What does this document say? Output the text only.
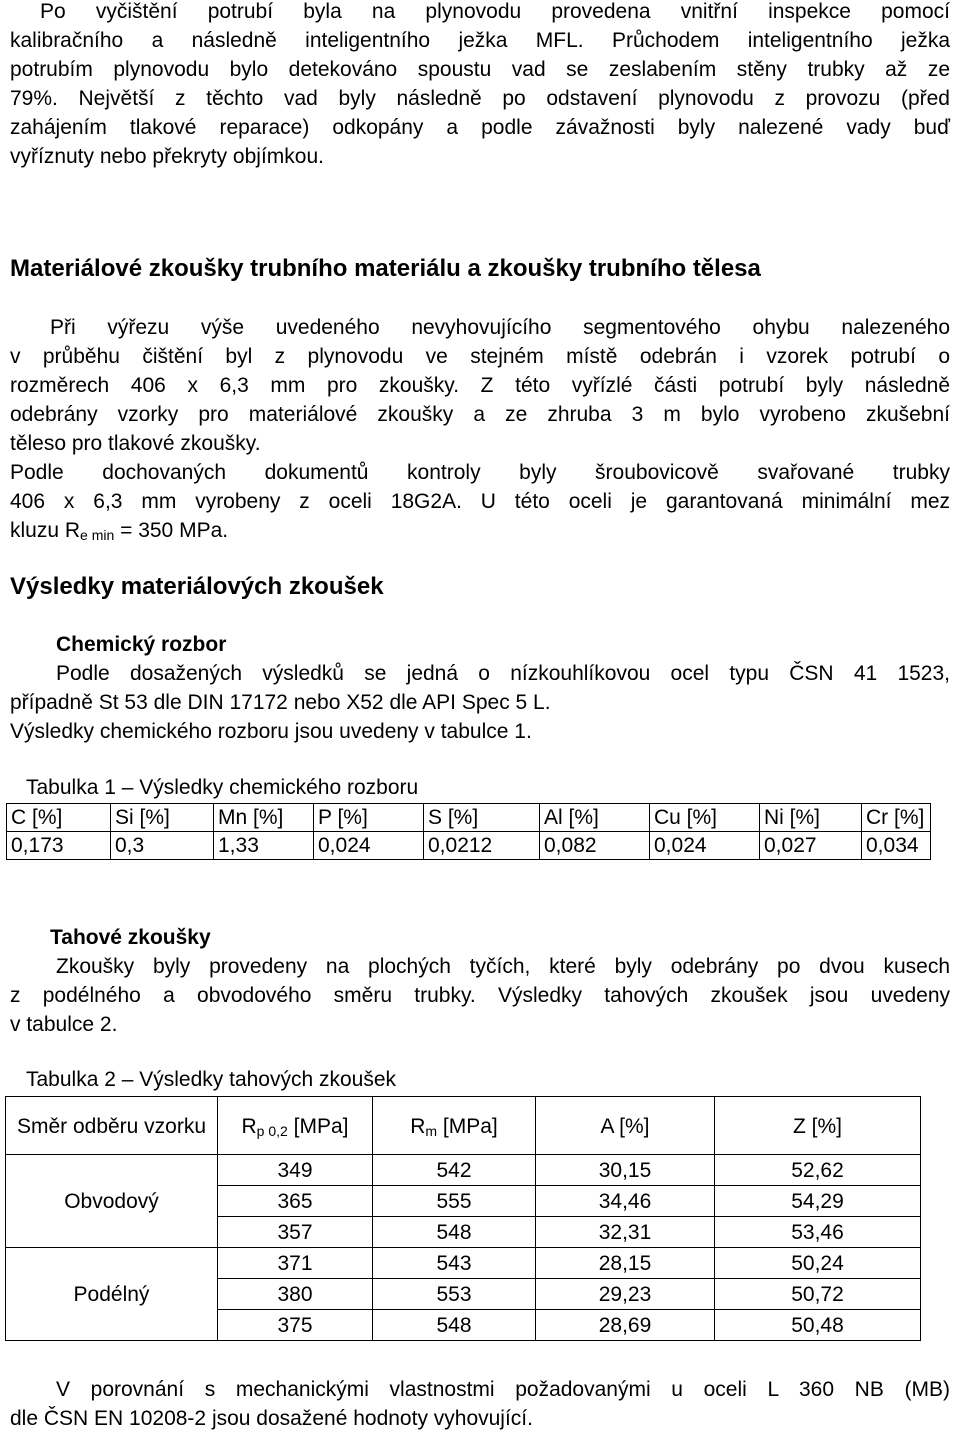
Po vyčištění potrubí byla na plynovodu provedena vnitřní inspekce pomocí

kalibračního a následně inteligentního ježka MFL. Průchodem inteligentního ježka

potrubím plynovodu bylo detekováno spoustu vad se zeslabením stěny trubky až ze

79%. Největší z těchto vad byly následně po odstavení plynovodu z provozu (před

zahájením tlakové reparace) odkopány a podle závažnosti byly nalezené vady buď

vyříznuty nebo překryty objímkou.

Materiálové zkoušky trubního materiálu a zkoušky trubního tělesa

Při výřezu výše uvedeného nevyhovujícího segmentového ohybu nalezeného

v průběhu čištění byl z plynovodu ve stejném místě odebrán i vzorek potrubí o

rozměrech 406 x 6,3 mm pro zkoušky. Z této vyřízlé části potrubí byly následně

odebrány vzorky pro materiálové zkoušky a ze zhruba 3 m bylo vyrobeno zkušební

těleso pro tlakové zkoušky.

Podle dochovaných dokumentů kontroly byly šroubovicově svařované trubky

406 x 6,3 mm vyrobeny z oceli 18G2A. U této oceli je garantovaná minimální mez

kluzu $R_{e min} = 350$ MPa.

Výsledky materiálových zkoušek
Chemický rozbor

Podle dosažených výsledků se jedná o nízkouhlíkovou ocel typu ČSN 41 1523,

případně St 53 dle DIN 17172 nebo X52 dle API Spec 5 L.

Výsledky chemického rozboru jsou uvedeny v tabulce 1.

Tabulka 1 – Výsledky chemického rozboru
C [%]	Si [%]	Mn [%]	P [%]	S [%]	Al [%]	Cu [%]	Ni [%]	Cr [%]
0,173	0,3	1,33	0,024	0,0212	0,082	0,024	0,027	0,034
Tahové zkoušky

Zkoušky byly provedeny na plochých tyčích, které byly odebrány po dvou kusech

z podélného a obvodového směru trubky. Výsledky tahových zkoušek jsou uvedeny

v tabulce 2.

Tabulka 2 – Výsledky tahových zkoušek
Směr odběru vzorku	$R_{p 0,2}$ [MPa]	$R_m$ [MPa]	A [%]	Z [%]
Obvodový	349	542	30,15	52,62
	365	555	34,46	54,29
	357	548	32,31	53,46
Podélný	371	543	28,15	50,24
	380	553	29,23	50,72
	375	548	28,69	50,48

V porovnání s mechanickými vlastnostmi požadovanými u oceli L 360 NB (MB)

dle ČSN EN 10208-2 jsou dosažené hodnoty vyhovující.
